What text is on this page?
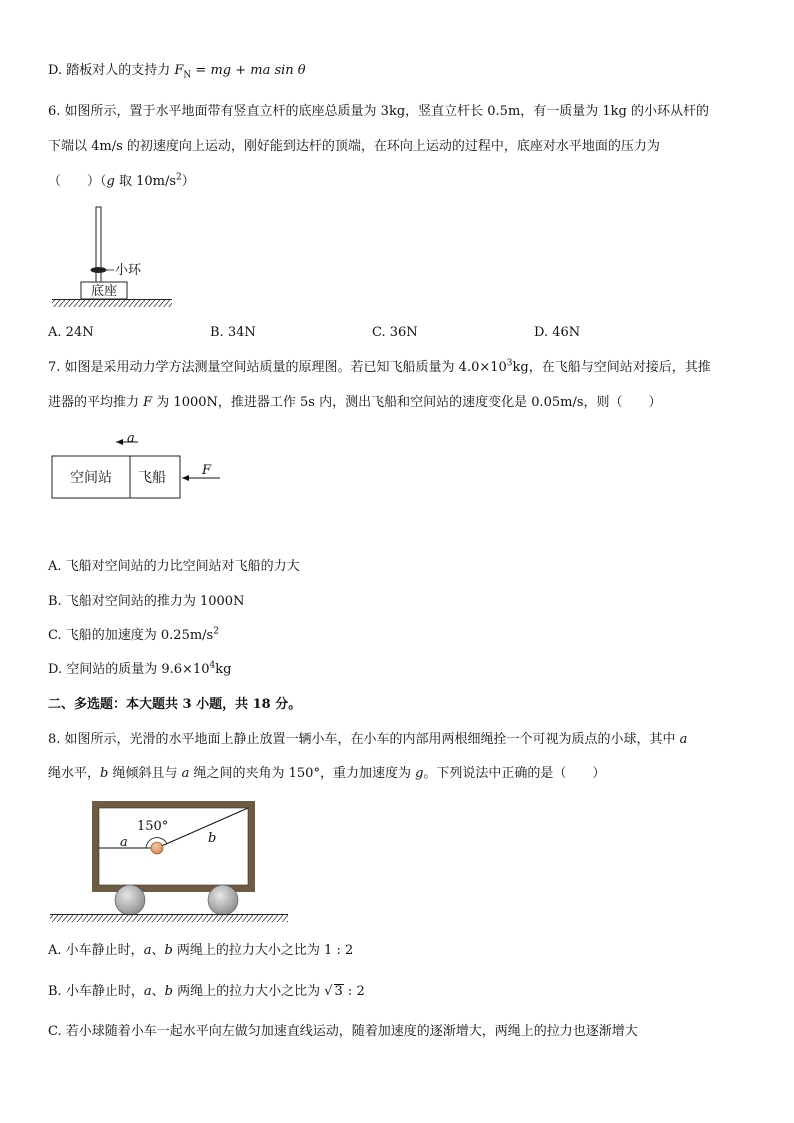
D. 踏板对人的支持力 $F_N$ = mg + ma sin θ
6. 如图所示，置于水平地面带有竖直立杆的底座总质量为 3kg，竖直立杆长 0.5m，有一质量为 1kg 的小环从杆的
下端以 4m/s 的初速度向上运动，刚好能到达杆的顶端，在环向上运动的过程中，底座对水平地面的压力为
（　　）（g 取 $10m/s^2$）
小环
底座
A. 24N	B. 34N	C. 36N	D. 46N
7. 如图是采用动力学方法测量空间站质量的原理图。若已知飞船质量为 $4.0\times 10^3kg$，在飞船与空间站对接后，其推
进器的平均推力 F 为 1000N，推进器工作 5s 内，测出飞船和空间站的速度变化是 0.05m/s，则（　　）
a
空间站 飞船	F
A. 飞船对空间站的力比空间站对飞船的力大
B. 飞船对空间站的推力为 1000N
C. 飞船的加速度为 $0.25m/s^2$
D. 空间站的质量为 $9.6\times 10^4kg$
二、多选题：本大题共 3 小题，共 18 分。
8. 如图所示，光滑的水平地面上静止放置一辆小车，在小车的内部用两根细绳拴一个可视为质点的小球，其中 a
绳水平，b 绳倾斜且与 a 绳之间的夹角为 150°，重力加速度为 g。下列说法中正确的是（　　）
150°
a	b
A. 小车静止时，a、b 两绳上的拉力大小之比为 1 : 2
B. 小车静止时，a、b 两绳上的拉力大小之比为 √ 3 : 2
C. 若小球随着小车一起水平向左做匀加速直线运动，随着加速度的逐渐增大，两绳上的拉力也逐渐增大
